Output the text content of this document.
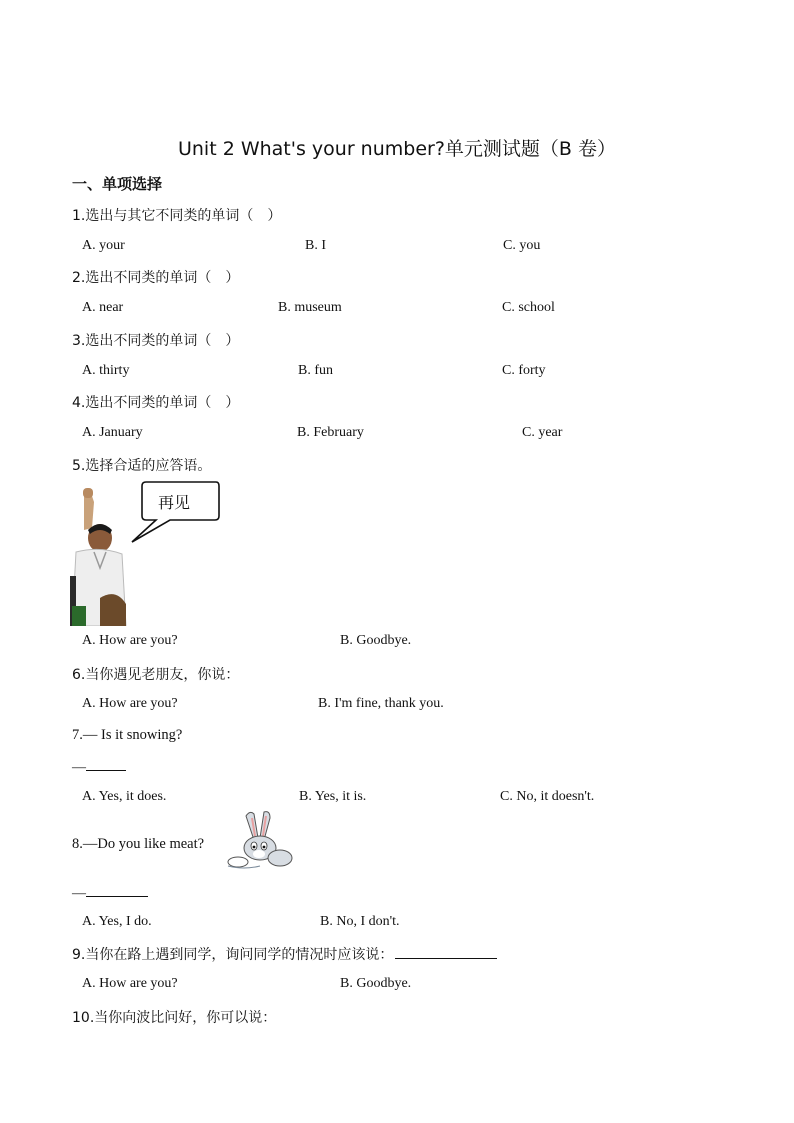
Unit 2 What's your number?单元测试题（B 卷）
一、单项选择
1.选出与其它不同类的单词（　）
A. your	B. I	C. you
2.选出不同类的单词（　）
A. near	B. museum	C. school
3.选出不同类的单词（　）
A. thirty	B. fun	C. forty
4.选出不同类的单词（　）
A. January	B. February	C. year
5.选择合适的应答语。
再见
A. How are you?	B. Goodbye.
6.当你遇见老朋友，你说：
A. How are you?	B. I'm fine, thank you.
7.— Is it snowing?
—
A. Yes, it does.	B. Yes, it is.	C. No, it doesn't.
8.—Do you like meat?
—
A. Yes, I do.	B. No, I don't.
9.当你在路上遇到同学，询问同学的情况时应该说：
A. How are you?	B. Goodbye.
10.当你向波比问好，你可以说：
